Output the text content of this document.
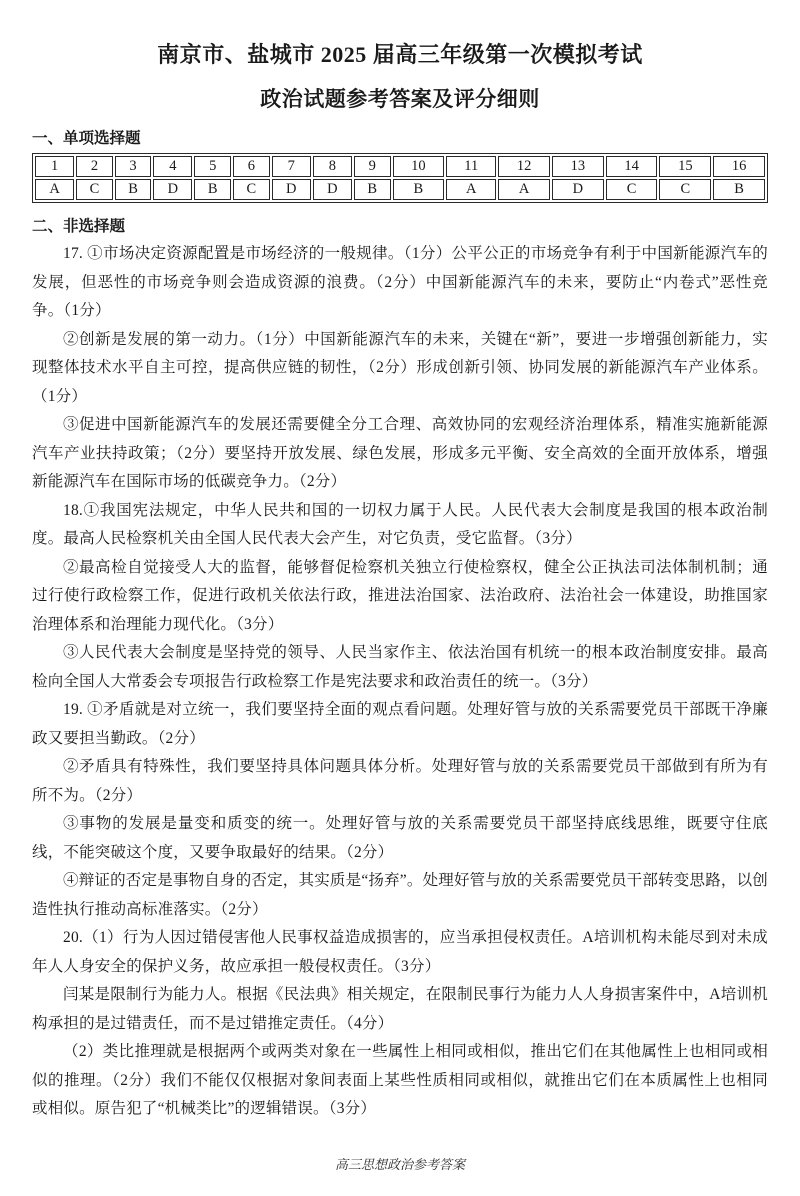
南京市、盐城市 2025 届高三年级第一次模拟考试
政治试题参考答案及评分细则
一、单项选择题
1	2	3	4	5	6	7	8	9	10	11	12	13	14	15	16
A	C	B	D	B	C	D	D	B	B	A	A	D	C	C	B
二、非选择题

17. ①市场决定资源配置是市场经济的一般规律。（1分）公平公正的市场竞争有利于中国新能源汽车的发展，但恶性的市场竞争则会造成资源的浪费。（2分）中国新能源汽车的未来，要防止“内卷式”恶性竞争。（1分）

②创新是发展的第一动力。（1分）中国新能源汽车的未来，关键在“新”，要进一步增强创新能力，实现整体技术水平自主可控，提高供应链的韧性，（2分）形成创新引领、协同发展的新能源汽车产业体系。（1分）

③促进中国新能源汽车的发展还需要健全分工合理、高效协同的宏观经济治理体系，精准实施新能源汽车产业扶持政策；（2分）要坚持开放发展、绿色发展，形成多元平衡、安全高效的全面开放体系，增强新能源汽车在国际市场的低碳竞争力。（2分）

18.①我国宪法规定，中华人民共和国的一切权力属于人民。人民代表大会制度是我国的根本政治制度。最高人民检察机关由全国人民代表大会产生，对它负责，受它监督。（3分）

②最高检自觉接受人大的监督，能够督促检察机关独立行使检察权，健全公正执法司法体制机制；通过行使行政检察工作，促进行政机关依法行政，推进法治国家、法治政府、法治社会一体建设，助推国家治理体系和治理能力现代化。（3分）

③人民代表大会制度是坚持党的领导、人民当家作主、依法治国有机统一的根本政治制度安排。最高检向全国人大常委会专项报告行政检察工作是宪法要求和政治责任的统一。（3分）

19. ①矛盾就是对立统一，我们要坚持全面的观点看问题。处理好管与放的关系需要党员干部既干净廉政又要担当勤政。（2分）

②矛盾具有特殊性，我们要坚持具体问题具体分析。处理好管与放的关系需要党员干部做到有所为有所不为。（2分）

③事物的发展是量变和质变的统一。处理好管与放的关系需要党员干部坚持底线思维，既要守住底线，不能突破这个度，又要争取最好的结果。（2分）

④辩证的否定是事物自身的否定，其实质是“扬弃”。处理好管与放的关系需要党员干部转变思路，以创造性执行推动高标准落实。（2分）

20.（1）行为人因过错侵害他人民事权益造成损害的，应当承担侵权责任。A培训机构未能尽到对未成年人人身安全的保护义务，故应承担一般侵权责任。（3分）

闫某是限制行为能力人。根据《民法典》相关规定，在限制民事行为能力人人身损害案件中，A培训机构承担的是过错责任，而不是过错推定责任。（4分）

（2）类比推理就是根据两个或两类对象在一些属性上相同或相似，推出它们在其他属性上也相同或相似的推理。（2分）我们不能仅仅根据对象间表面上某些性质相同或相似，就推出它们在本质属性上也相同或相似。原告犯了“机械类比”的逻辑错误。（3分）

高三思想政治参考答案
